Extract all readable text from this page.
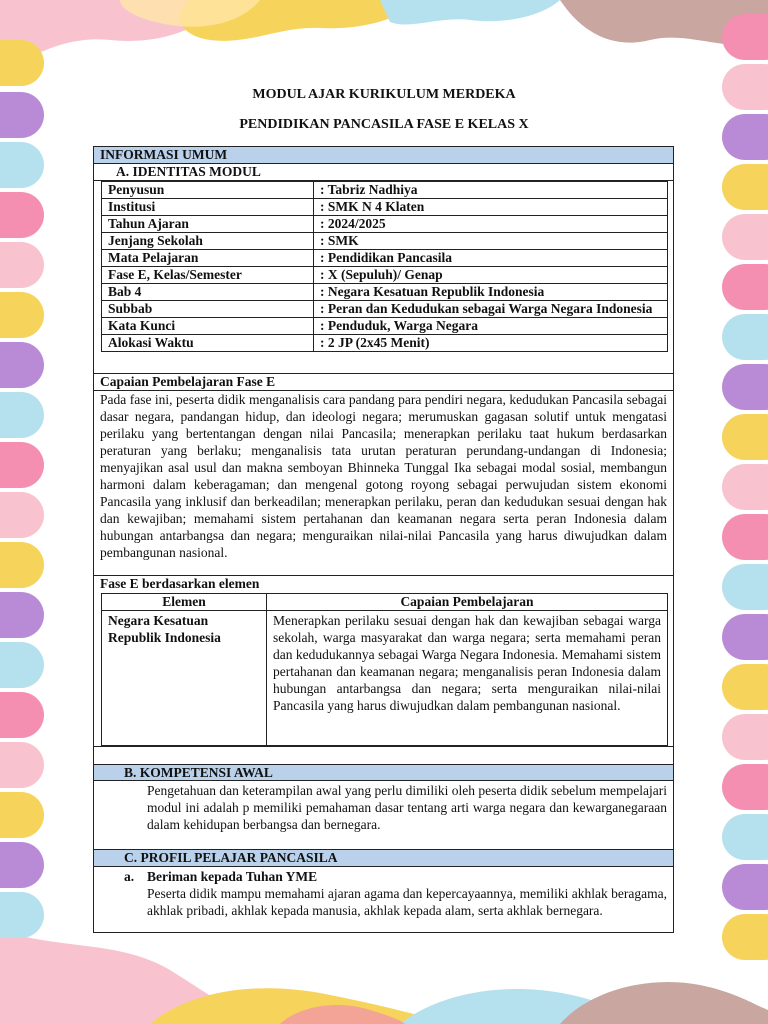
MODUL AJAR KURIKULUM MERDEKA
PENDIDIKAN PANCASILA FASE E KELAS X
INFORMASI UMUM
A. IDENTITAS MODUL
Penyusun	: Tabriz Nadhiya
Institusi	: SMK N 4 Klaten
Tahun Ajaran	: 2024/2025
Jenjang Sekolah	: SMK
Mata Pelajaran	: Pendidikan Pancasila
Fase E, Kelas/Semester	: X (Sepuluh)/ Genap
Bab 4	: Negara Kesatuan Republik Indonesia
Subbab	: Peran dan Kedudukan sebagai Warga Negara Indonesia
Kata Kunci	: Penduduk, Warga Negara
Alokasi Waktu	: 2 JP (2x45 Menit)
Capaian Pembelajaran Fase E
Pada fase ini, peserta didik menganalisis cara pandang para pendiri negara, kedudukan Pancasila sebagai dasar negara, pandangan hidup, dan ideologi negara; merumuskan gagasan solutif untuk mengatasi perilaku yang bertentangan dengan nilai Pancasila; menerapkan perilaku taat hukum berdasarkan peraturan yang berlaku; menganalisis tata urutan peraturan perundang-undangan di Indonesia; menyajikan asal usul dan makna semboyan Bhinneka Tunggal Ika sebagai modal sosial, membangun harmoni dalam keberagaman; dan mengenal gotong royong sebagai perwujudan sistem ekonomi Pancasila yang inklusif dan berkeadilan; menerapkan perilaku, peran dan kedudukan sesuai dengan hak dan kewajiban; memahami sistem pertahanan dan keamanan negara serta peran Indonesia dalam hubungan antarbangsa dan negara; menguraikan nilai-nilai Pancasila yang harus diwujudkan dalam pembangunan nasional.
Fase E berdasarkan elemen
Elemen	Capaian Pembelajaran
Negara Kesatuan Republik Indonesia	Menerapkan perilaku sesuai dengan hak dan kewajiban sebagai warga sekolah, warga masyarakat dan warga negara; serta memahami peran dan kedudukannya sebagai Warga Negara Indonesia. Memahami sistem pertahanan dan keamanan negara; menganalisis peran Indonesia dalam hubungan antarbangsa dan negara; serta menguraikan nilai-nilai Pancasila yang harus diwujudkan dalam pembangunan nasional.
B. KOMPETENSI AWAL
Pengetahuan dan keterampilan awal yang perlu dimiliki oleh peserta didik sebelum mempelajari modul ini adalah p memiliki pemahaman dasar tentang arti warga negara dan kewarganegaraan dalam kehidupan berbangsa dan bernegara.
C. PROFIL PELAJAR PANCASILA
a. Beriman kepada Tuhan YME
Peserta didik mampu memahami ajaran agama dan kepercayaannya, memiliki akhlak beragama, akhlak pribadi, akhlak kepada manusia, akhlak kepada alam, serta akhlak bernegara.
